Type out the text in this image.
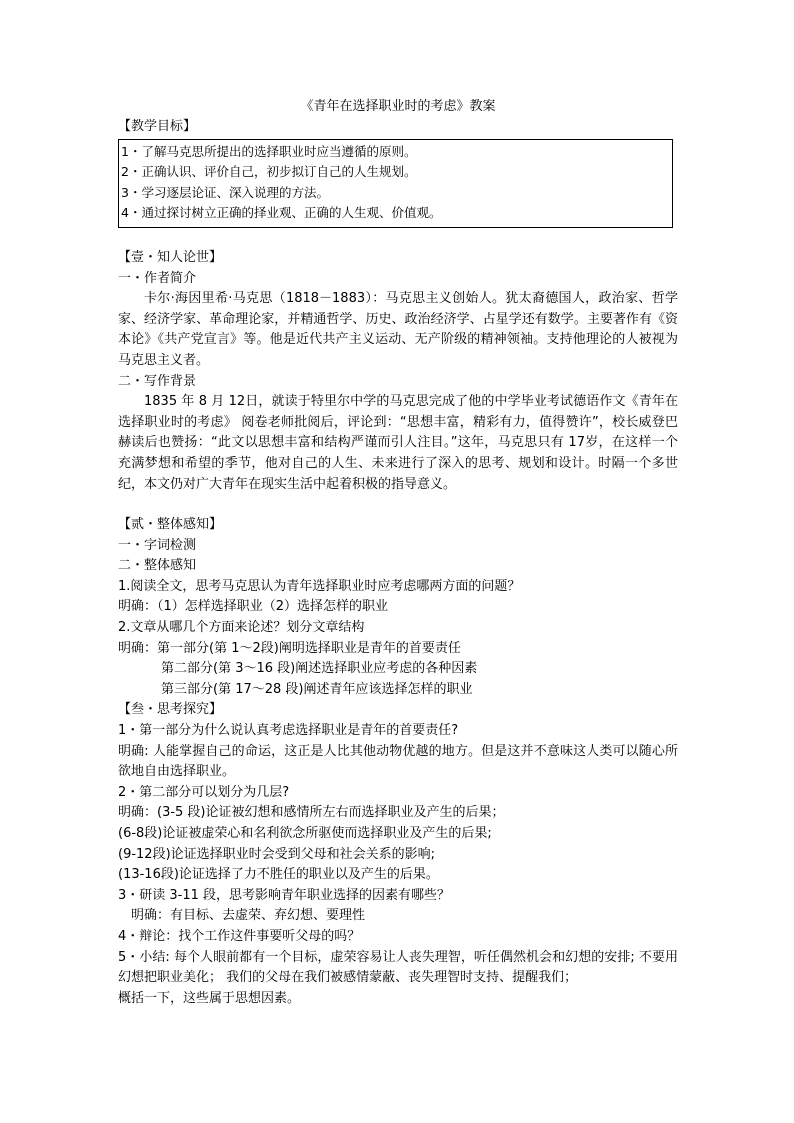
《青年在选择职业时的考虑》教案
【教学目标】
1・了解马克思所提出的选择职业时应当遵循的原则。
2・正确认识、评价自己，初步拟订自己的人生规划。
3・学习逐层论证、深入说理的方法。
4・通过探讨树立正确的择业观、正确的人生观、价值观。
【壹・知人论世】
一・作者简介
卡尔·海因里希·马克思（1818－1883）：马克思主义创始人。犹太裔德国人，政治家、哲学家、经济学家、革命理论家，并精通哲学、历史、政治经济学、占星学还有数学。主要著作有《资本论》《共产党宣言》等。他是近代共产主义运动、无产阶级的精神领袖。支持他理论的人被视为马克思主义者。
二・写作背景
1835 年 8 月 12日，就读于特里尔中学的马克思完成了他的中学毕业考试德语作文《青年在选择职业时的考虑》 阅卷老师批阅后，评论到：“思想丰富，精彩有力，值得赞许”，校长威登巴赫读后也赞扬：“此文以思想丰富和结构严谨而引人注目。”这年，马克思只有 17岁，在这样一个充满梦想和希望的季节，他对自己的人生、未来进行了深入的思考、规划和设计。时隔一个多世纪，本文仍对广大青年在现实生活中起着积极的指导意义。
【贰・整体感知】
一・字词检测
二・整体感知
1.阅读全文，思考马克思认为青年选择职业时应考虑哪两方面的问题？
明确：（1）怎样选择职业（2）选择怎样的职业
2.文章从哪几个方面来论述？划分文章结构
明确：第一部分(第 1～2段)阐明选择职业是青年的首要责任
第二部分(第 3～16 段)阐述选择职业应考虑的各种因素
第三部分(第 17～28 段)阐述青年应该选择怎样的职业
【叁・思考探究】
1・第一部分为什么说认真考虑选择职业是青年的首要责任?
明确: 人能掌握自己的命运，这正是人比其他动物优越的地方。但是这并不意味这人类可以随心所欲地自由选择职业。
2・第二部分可以划分为几层?
明确：(3-5 段)论证被幻想和感情所左右而选择职业及产生的后果；
(6-8段)论证被虚荣心和名利欲念所驱使而选择职业及产生的后果;
(9-12段)论证选择职业时会受到父母和社会关系的影响;
(13-16段)论证选择了力不胜任的职业以及产生的后果。
3・研读 3-11 段，思考影响青年职业选择的因素有哪些？
明确：有目标、去虚荣、弃幻想、要理性
4・辩论：找个工作这件事要听父母的吗？
5・小结: 每个人眼前都有一个目标，虚荣容易让人丧失理智，听任偶然机会和幻想的安排; 不要用幻想把职业美化； 我们的父母在我们被感情蒙蔽、丧失理智时支持、提醒我们；
概括一下，这些属于思想因素。
